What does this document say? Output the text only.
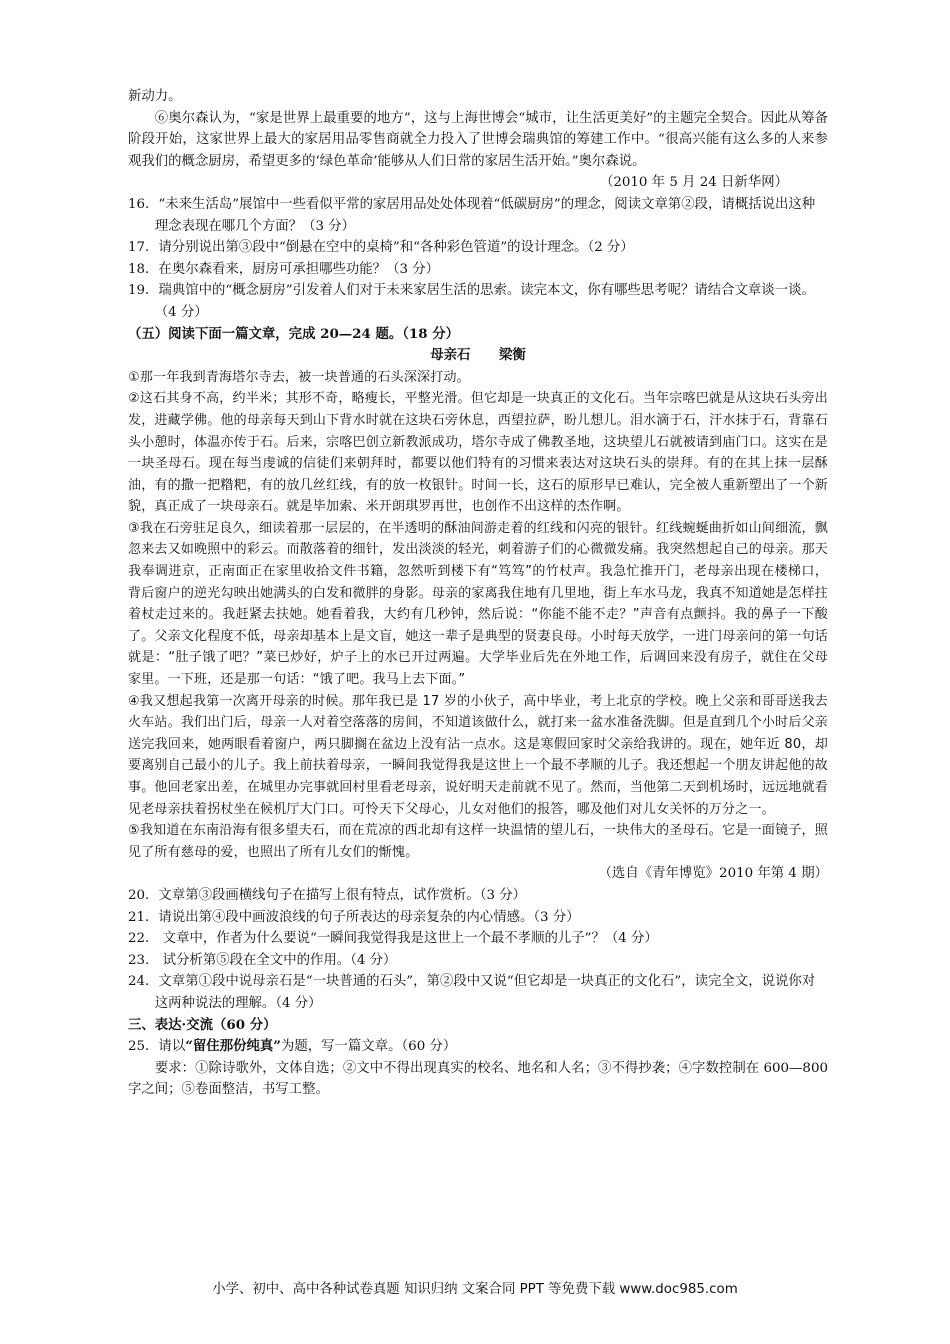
新动力。

⑥奥尔森认为，“家是世界上最重要的地方”，这与上海世博会“城市，让生活更美好”的主题完全契合。因此从筹备阶段开始，这家世界上最大的家居用品零售商就全力投入了世博会瑞典馆的筹建工作中。“很高兴能有这么多的人来参观我们的概念厨房，希望更多的‘绿色革命’能够从人们日常的家居生活开始。”奥尔森说。

（2010 年 5 月 24 日新华网）

16．“未来生活岛”展馆中一些看似平常的家居用品处处体现着“低碳厨房”的理念，阅读文章第②段，请概括说出这种理念表现在哪几个方面？（3 分）

17．请分别说出第③段中“倒悬在空中的桌椅”和“各种彩色管道”的设计理念。（2 分）

18．在奥尔森看来，厨房可承担哪些功能？（3 分）

19．瑞典馆中的“概念厨房”引发着人们对于未来家居生活的思索。读完本文，你有哪些思考呢？请结合文章谈一谈。（4 分）

（五）阅读下面一篇文章，完成 20—24 题。（18 分）

母亲石 梁衡

①那一年我到青海塔尔寺去，被一块普通的石头深深打动。

②这石其身不高，约半米；其形不奇，略瘦长，平整光滑。但它却是一块真正的文化石。当年宗喀巴就是从这块石头旁出发，进藏学佛。他的母亲每天到山下背水时就在这块石旁休息，西望拉萨，盼儿想儿。泪水滴于石，汗水抹于石，背靠石头小憩时，体温亦传于石。后来，宗喀巴创立新教派成功，塔尔寺成了佛教圣地，这块望儿石就被请到庙门口。这实在是一块圣母石。现在每当虔诚的信徒们来朝拜时，都要以他们特有的习惯来表达对这块石头的崇拜。有的在其上抹一层酥油，有的撒一把糌粑，有的放几丝红线，有的放一枚银针。时间一长，这石的原形早已难认，完全被人重新塑出了一个新貌，真正成了一块母亲石。就是毕加索、米开朗琪罗再世，也创作不出这样的杰作啊。

③我在石旁驻足良久，细读着那一层层的，在半透明的酥油间游走着的红线和闪亮的银针。红线蜿蜒曲折如山间细流，飘忽来去又如晚照中的彩云。而散落着的细针，发出淡淡的轻光，刺着游子们的心微微发痛。我突然想起自己的母亲。那天我奉调进京，正南面正在家里收拾文件书籍，忽然听到楼下有“笃笃”的竹杖声。我急忙推开门，老母亲出现在楼梯口，背后窗户的逆光勾映出她满头的白发和微胖的身影。母亲的家离我住地有几里地，街上车水马龙，我真不知道她是怎样拄着杖走过来的。我赶紧去扶她。她看着我，大约有几秒钟，然后说：“你能不能不走？”声音有点颤抖。我的鼻子一下酸了。父亲文化程度不低，母亲却基本上是文盲，她这一辈子是典型的贤妻良母。小时每天放学，一进门母亲问的第一句话就是：“肚子饿了吧？”菜已炒好，炉子上的水已开过两遍。大学毕业后先在外地工作，后调回来没有房子，就住在父母家里。一下班，还是那一句话：“饿了吧。我马上去下面。”

④我又想起我第一次离开母亲的时候。那年我已是 17 岁的小伙子，高中毕业，考上北京的学校。晚上父亲和哥哥送我去火车站。我们出门后，母亲一人对着空落落的房间，不知道该做什么，就打来一盆水准备洗脚。但是直到几个小时后父亲送完我回来，她两眼看着窗户，两只脚搁在盆边上没有沾一点水。这是寒假回家时父亲给我讲的。现在，她年近 80，却要离别自己最小的儿子。我上前扶着母亲，一瞬间我觉得我是这世上一个最不孝顺的儿子。我还想起一个朋友讲起他的故事。他回老家出差，在城里办完事就回村里看老母亲，说好明天走前就不见了。然而，当他第二天到机场时，远远地就看见老母亲扶着拐杖坐在候机厅大门口。可怜天下父母心，儿女对他们的报答，哪及他们对儿女关怀的万分之一。

⑤我知道在东南沿海有很多望夫石，而在荒凉的西北却有这样一块温情的望儿石，一块伟大的圣母石。它是一面镜子，照见了所有慈母的爱，也照出了所有儿女们的惭愧。

（选自《青年博览》2010 年第 4 期）

20．文章第③段画横线句子在描写上很有特点，试作赏析。（3 分）

21．请说出第④段中画波浪线的句子所表达的母亲复杂的内心情感。（3 分）

22.　文章中，作者为什么要说“一瞬间我觉得我是这世上一个最不孝顺的儿子”？（4 分）

23.　试分析第⑤段在全文中的作用。（4 分）

24．文章第①段中说母亲石是“一块普通的石头”，第②段中又说“但它却是一块真正的文化石”，读完全文，说说你对这两种说法的理解。（4 分）

三、表达·交流（60 分）

25．请以“留住那份纯真”为题，写一篇文章。（60 分）

要求：①除诗歌外，文体自选；②文中不得出现真实的校名、地名和人名；③不得抄袭；④字数控制在 600—800 字之间；⑤卷面整洁，书写工整。

小学、初中、高中各种试卷真题 知识归纳 文案合同 PPT 等免费下载 www.doc985.com
